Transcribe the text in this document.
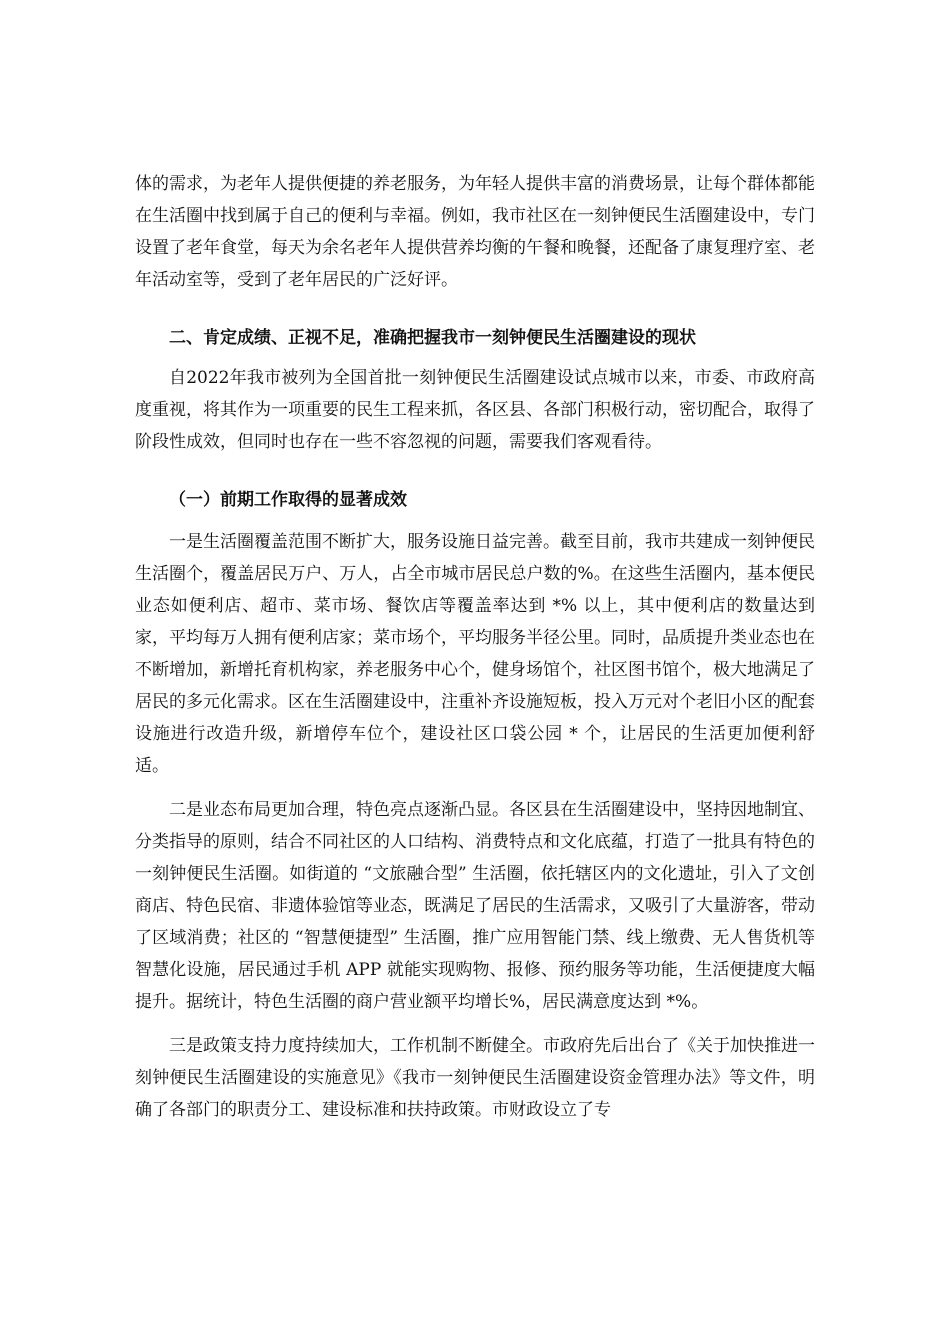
体的需求，为老年人提供便捷的养老服务，为年轻人提供丰富的消费场景，让每个群体都能在生活圈中找到属于自己的便利与幸福。例如，我市社区在一刻钟便民生活圈建设中，专门设置了老年食堂，每天为余名老年人提供营养均衡的午餐和晚餐，还配备了康复理疗室、老年活动室等，受到了老年居民的广泛好评。

二、肯定成绩、正视不足，准确把握我市一刻钟便民生活圈建设的现状

自2022年我市被列为全国首批一刻钟便民生活圈建设试点城市以来，市委、市政府高度重视，将其作为一项重要的民生工程来抓，各区县、各部门积极行动，密切配合，取得了阶段性成效，但同时也存在一些不容忽视的问题，需要我们客观看待。

（一）前期工作取得的显著成效

一是生活圈覆盖范围不断扩大，服务设施日益完善。截至目前，我市共建成一刻钟便民生活圈个，覆盖居民万户、万人，占全市城市居民总户数的%。在这些生活圈内，基本便民业态如便利店、超市、菜市场、餐饮店等覆盖率达到 *% 以上，其中便利店的数量达到家，平均每万人拥有便利店家；菜市场个，平均服务半径公里。同时，品质提升类业态也在不断增加，新增托育机构家，养老服务中心个，健身场馆个，社区图书馆个，极大地满足了居民的多元化需求。区在生活圈建设中，注重补齐设施短板，投入万元对个老旧小区的配套设施进行改造升级，新增停车位个，建设社区口袋公园 * 个，让居民的生活更加便利舒适。

二是业态布局更加合理，特色亮点逐渐凸显。各区县在生活圈建设中，坚持因地制宜、分类指导的原则，结合不同社区的人口结构、消费特点和文化底蕴，打造了一批具有特色的一刻钟便民生活圈。如街道的 “文旅融合型” 生活圈，依托辖区内的文化遗址，引入了文创商店、特色民宿、非遗体验馆等业态，既满足了居民的生活需求，又吸引了大量游客，带动了区域消费；社区的 “智慧便捷型” 生活圈，推广应用智能门禁、线上缴费、无人售货机等智慧化设施，居民通过手机 APP 就能实现购物、报修、预约服务等功能，生活便捷度大幅提升。据统计，特色生活圈的商户营业额平均增长%，居民满意度达到 *%。

三是政策支持力度持续加大，工作机制不断健全。市政府先后出台了《关于加快推进一刻钟便民生活圈建设的实施意见》《我市一刻钟便民生活圈建设资金管理办法》等文件，明确了各部门的职责分工、建设标准和扶持政策。市财政设立了专
